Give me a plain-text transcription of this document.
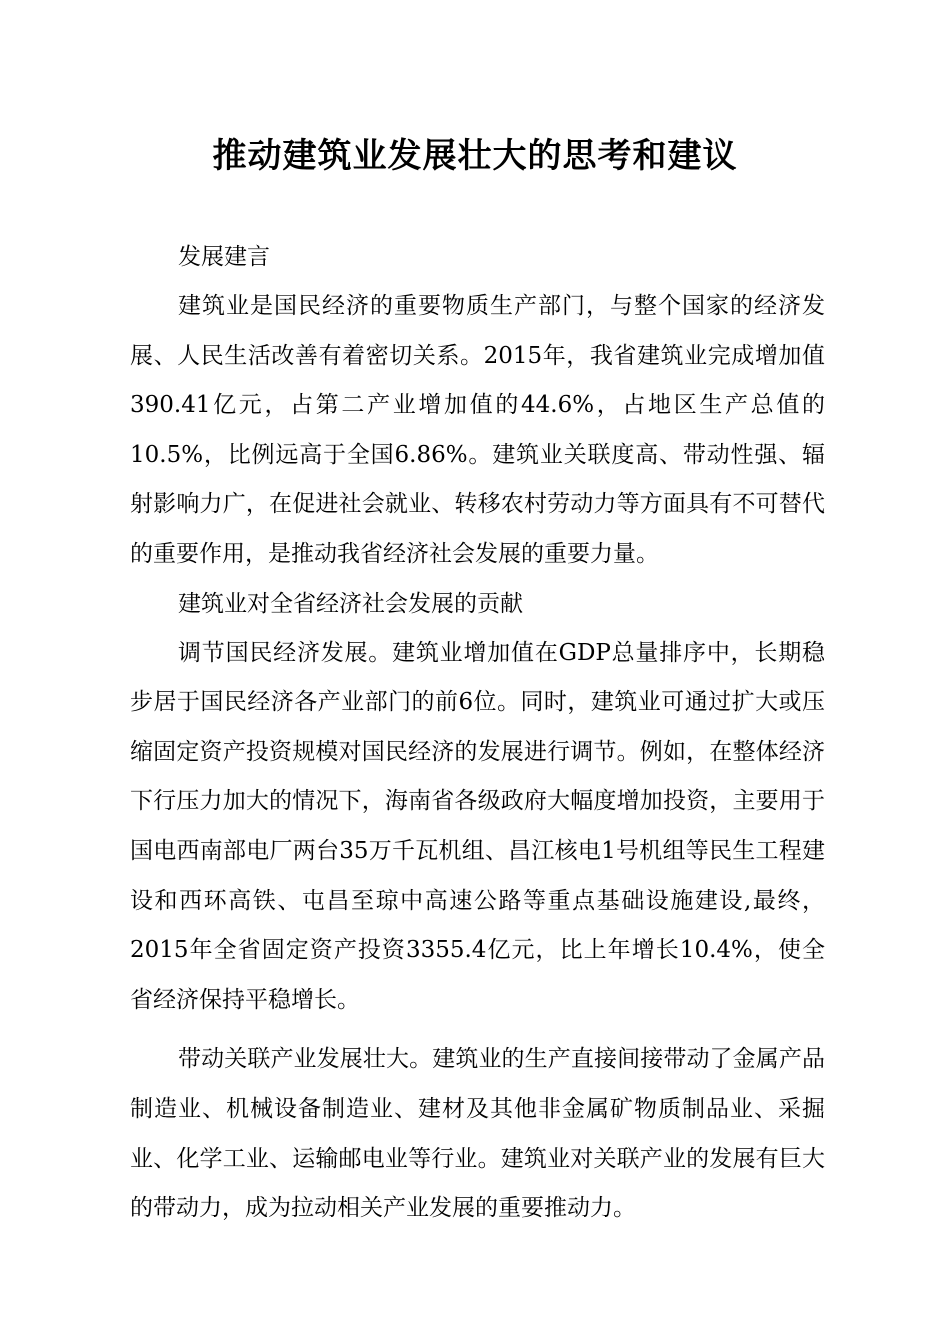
推动建筑业发展壮大的思考和建议
发展建言

建筑业是国民经济的重要物质生产部门，与整个国家的经济发展、人民生活改善有着密切关系。2015年，我省建筑业完成增加值390.41亿元，占第二产业增加值的44.6%，占地区生产总值的10.5%，比例远高于全国6.86%。建筑业关联度高、带动性强、辐射影响力广，在促进社会就业、转移农村劳动力等方面具有不可替代的重要作用，是推动我省经济社会发展的重要力量。

建筑业对全省经济社会发展的贡献

调节国民经济发展。建筑业增加值在GDP总量排序中，长期稳步居于国民经济各产业部门的前6位。同时，建筑业可通过扩大或压缩固定资产投资规模对国民经济的发展进行调节。例如，在整体经济下行压力加大的情况下，海南省各级政府大幅度增加投资，主要用于国电西南部电厂两台35万千瓦机组、昌江核电1号机组等民生工程建设和西环高铁、屯昌至琼中高速公路等重点基础设施建设,最终，2015年全省固定资产投资3355.4亿元，比上年增长10.4%，使全省经济保持平稳增长。

带动关联产业发展壮大。建筑业的生产直接间接带动了金属产品制造业、机械设备制造业、建材及其他非金属矿物质制品业、采掘业、化学工业、运输邮电业等行业。建筑业对关联产业的发展有巨大的带动力，成为拉动相关产业发展的重要推动力。
